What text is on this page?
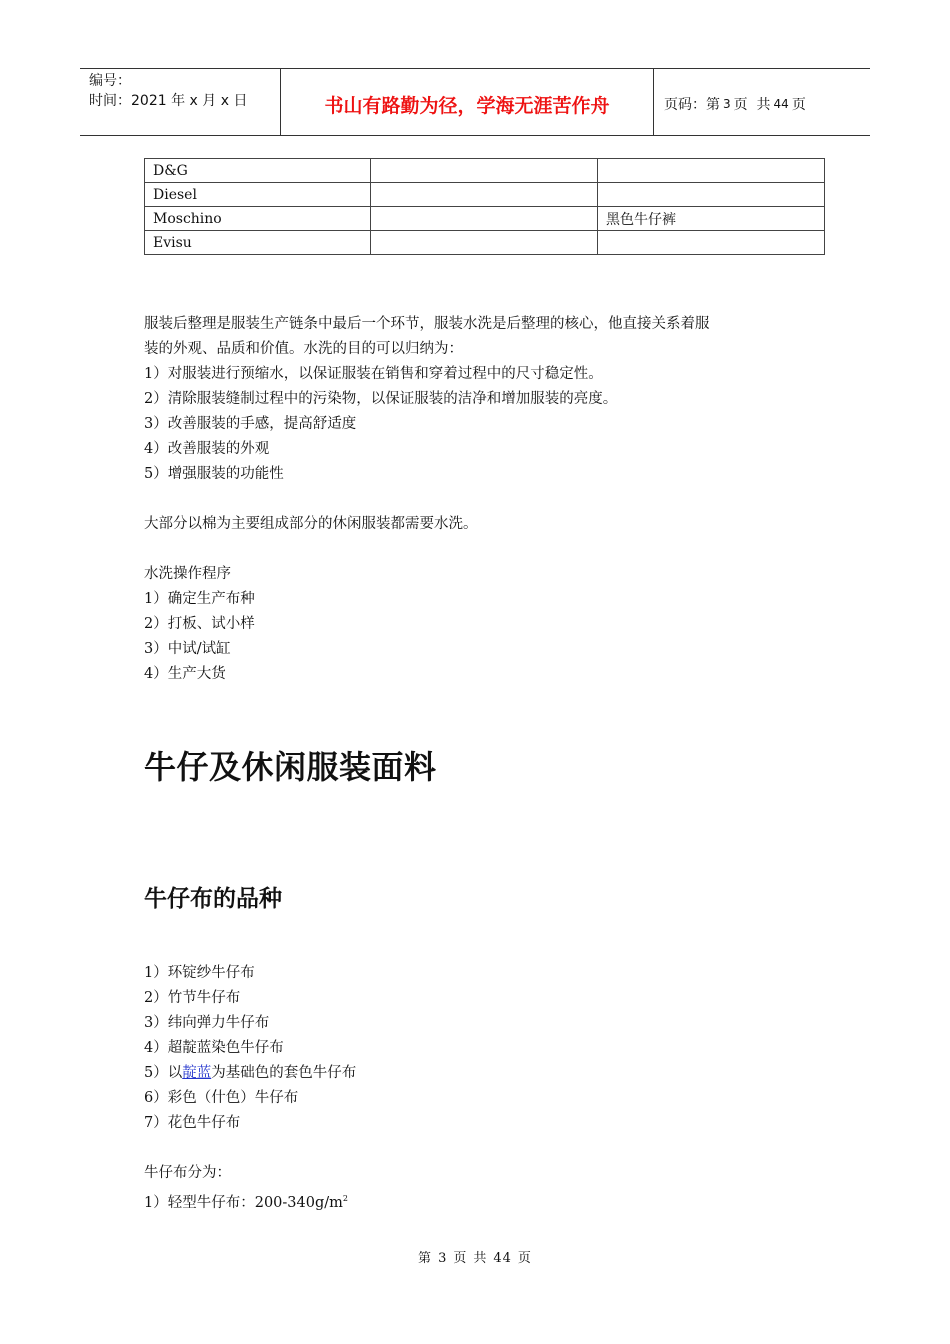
编号：
时间：2021 年 x 月 x 日	书山有路勤为径，学海无涯苦作舟	页码：第 3 页  共 44 页
D&G		
Diesel		
Moschino		黑色牛仔裤
Evisu		

服装后整理是服装生产链条中最后一个环节，服装水洗是后整理的核心，他直接关系着服

装的外观、品质和价值。水洗的目的可以归纳为：

1）对服装进行预缩水，以保证服装在销售和穿着过程中的尺寸稳定性。

2）清除服装缝制过程中的污染物，以保证服装的洁净和增加服装的亮度。

3）改善服装的手感，提高舒适度

4）改善服装的外观

5）增强服装的功能性

大部分以棉为主要组成部分的休闲服装都需要水洗。

水洗操作程序

1）确定生产布种

2）打板、试小样

3）中试/试缸

4）生产大货

牛仔及休闲服装面料
牛仔布的品种

1）环锭纱牛仔布

2）竹节牛仔布

3）纬向弹力牛仔布

4）超靛蓝染色牛仔布

5）以靛蓝为基础色的套色牛仔布

6）彩色（什色）牛仔布

7）花色牛仔布

牛仔布分为：

1）轻型牛仔布：$200-340g/m^2$

第 3 页 共 44 页
